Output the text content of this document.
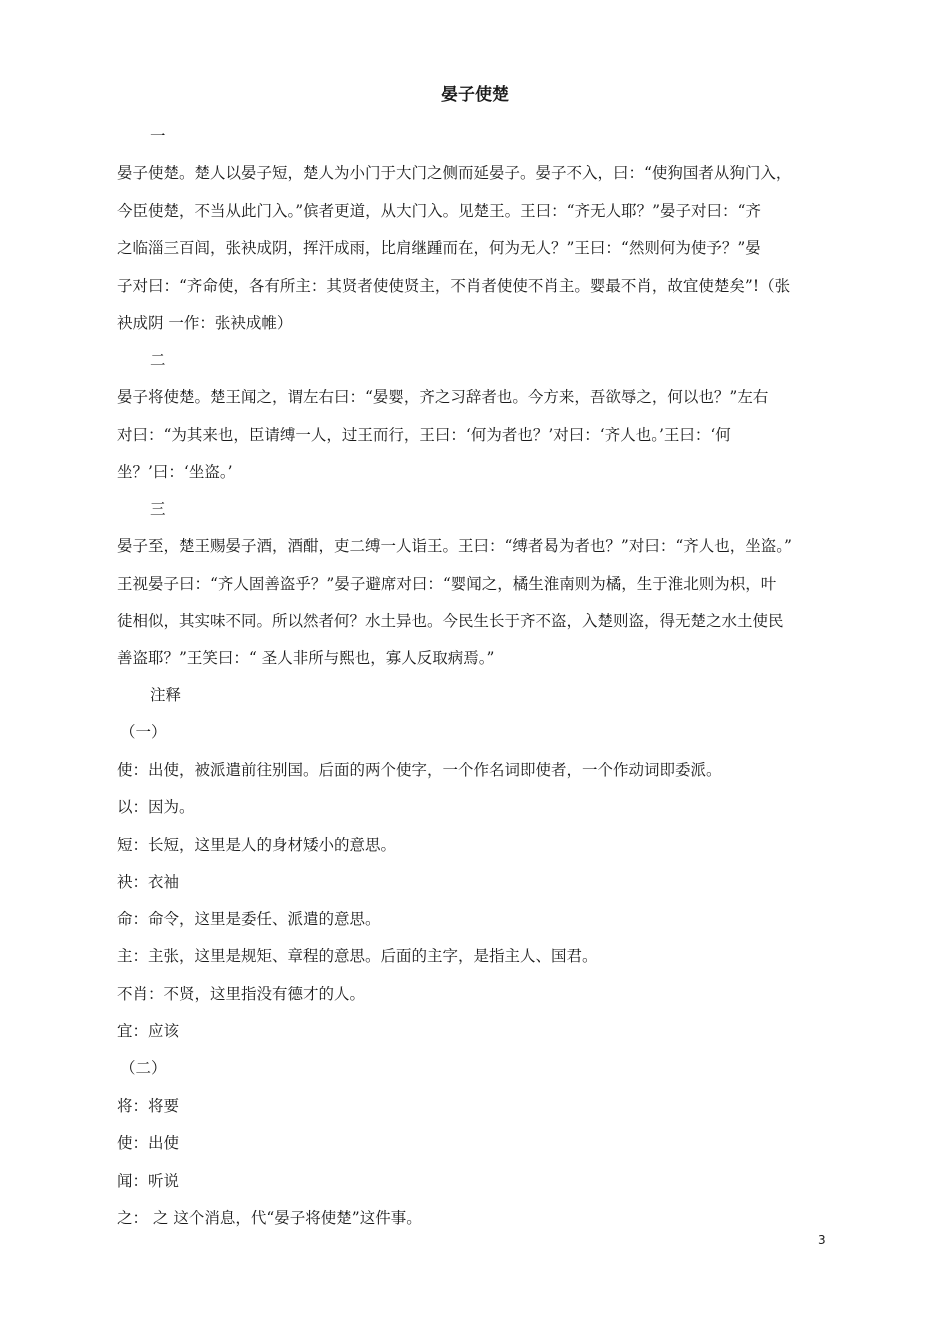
晏子使楚
一
晏子使楚。楚人以晏子短，楚人为小门于大门之侧而延晏子。晏子不入，曰：“使狗国者从狗门入，
今臣使楚，不当从此门入。”傧者更道，从大门入。见楚王。王曰：“齐无人耶？”晏子对曰：“齐
之临淄三百闾，张袂成阴，挥汗成雨，比肩继踵而在，何为无人？”王曰：“然则何为使予？”晏
子对曰：“齐命使，各有所主：其贤者使使贤主，不肖者使使不肖主。婴最不肖，故宜使楚矣”!（张
袂成阴 一作：张袂成帷）
二
晏子将使楚。楚王闻之，谓左右曰：“晏婴，齐之习辞者也。今方来，吾欲辱之，何以也？”左右
对曰：“为其来也，臣请缚一人，过王而行，王曰：‘何为者也？’对曰：‘齐人也。’王曰：‘何
坐？’曰：‘坐盗。’
三
晏子至，楚王赐晏子酒，酒酣，吏二缚一人诣王。王曰：“缚者曷为者也？”对曰：“齐人也，坐盗。”
王视晏子曰：“齐人固善盗乎？”晏子避席对曰：“婴闻之，橘生淮南则为橘，生于淮北则为枳，叶
徒相似，其实味不同。所以然者何？水土异也。今民生长于齐不盗，入楚则盗，得无楚之水土使民
善盗耶？”王笑曰：“ 圣人非所与熙也，寡人反取病焉。”
注释
（一）
使：出使，被派遣前往别国。后面的两个使字，一个作名词即使者，一个作动词即委派。
以：因为。
短：长短，这里是人的身材矮小的意思。
袂：衣袖
命：命令，这里是委任、派遣的意思。
主：主张，这里是规矩、章程的意思。后面的主字，是指主人、国君。
不肖：不贤，这里指没有德才的人。
宜：应该
（二）
将：将要
使：出使
闻：听说
之： 之 这个消息，代“晏子将使楚”这件事。
3
